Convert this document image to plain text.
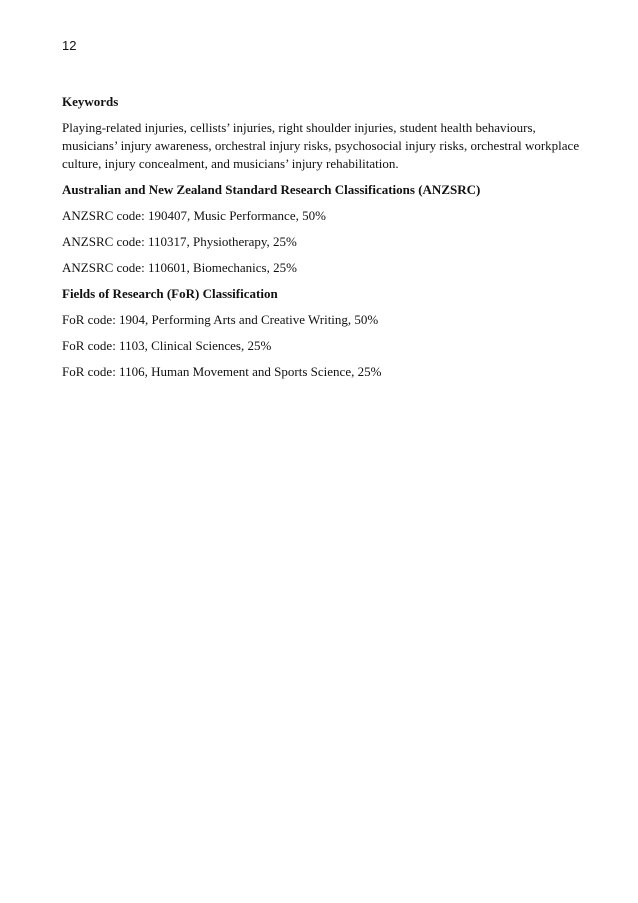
12
Keywords
Playing-related injuries, cellists’ injuries, right shoulder injuries, student health behaviours, musicians’ injury awareness, orchestral injury risks, psychosocial injury risks, orchestral workplace culture, injury concealment, and musicians’ injury rehabilitation.
Australian and New Zealand Standard Research Classifications (ANZSRC)
ANZSRC code: 190407, Music Performance, 50%
ANZSRC code: 110317, Physiotherapy, 25%
ANZSRC code: 110601, Biomechanics, 25%
Fields of Research (FoR) Classification
FoR code: 1904, Performing Arts and Creative Writing, 50%
FoR code: 1103, Clinical Sciences, 25%
FoR code: 1106, Human Movement and Sports Science, 25%
